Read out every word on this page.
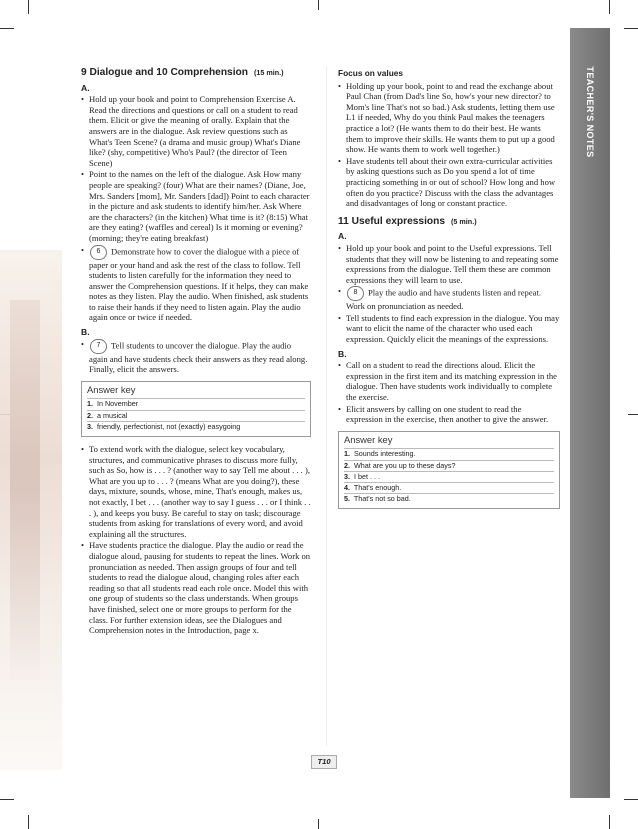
TEACHER'S NOTES
9 Dialogue and 10 Comprehension (15 min.)
A.

• Hold up your book and point to Comprehension Exercise A. Read the directions and questions or call on a student to read them. Elicit or give the meaning of orally. Explain that the answers are in the dialogue. Ask review questions such as What's Teen Scene? (a drama and music group) What's Diane like? (shy, competitive) Who's Paul? (the director of Teen Scene)

• Point to the names on the left of the dialogue. Ask How many people are speaking? (four) What are their names? (Diane, Joe, Mrs. Sanders [mom], Mr. Sanders [dad]) Point to each character in the picture and ask students to identify him/her. Ask Where are the characters? (in the kitchen) What time is it? (8:15) What are they eating? (waffles and cereal) Is it morning or evening? (morning; they're eating breakfast)

• 6 Demonstrate how to cover the dialogue with a piece of paper or your hand and ask the rest of the class to follow. Tell students to listen carefully for the information they need to answer the Comprehension questions. If it helps, they can make notes as they listen. Play the audio. When finished, ask students to raise their hands if they need to listen again. Play the audio again once or twice if needed.

B.

• 7 Tell students to uncover the dialogue. Play the audio again and have students check their answers as they read along. Finally, elicit the answers.

Answer key

1. In November

2. a musical

3. friendly, perfectionist, not (exactly) easygoing

• To extend work with the dialogue, select key vocabulary, structures, and communicative phrases to discuss more fully, such as So, how is . . . ? (another way to say Tell me about . . . ), What are you up to . . . ? (means What are you doing?), these days, mixture, sounds, whose, mine, That's enough, makes us, not exactly, I bet . . . (another way to say I guess . . . or I think . . . ), and keeps you busy. Be careful to stay on task; discourage students from asking for translations of every word, and avoid explaining all the structures.

• Have students practice the dialogue. Play the audio or read the dialogue aloud, pausing for students to repeat the lines. Work on pronunciation as needed. Then assign groups of four and tell students to read the dialogue aloud, changing roles after each reading so that all students read each role once. Model this with one group of students so the class understands. When groups have finished, select one or more groups to perform for the class. For further extension ideas, see the Dialogues and Comprehension notes in the Introduction, page x.

Focus on values

• Holding up your book, point to and read the exchange about Paul Chan (from Dad's line So, how's your new director? to Mom's line That's not so bad.) Ask students, letting them use L1 if needed, Why do you think Paul makes the teenagers practice a lot? (He wants them to do their best. He wants them to improve their skills. He wants them to put up a good show. He wants them to work well together.)

• Have students tell about their own extra-curricular activities by asking questions such as Do you spend a lot of time practicing something in or out of school? How long and how often do you practice? Discuss with the class the advantages and disadvantages of long or constant practice.

11 Useful expressions (5 min.)
A.

• Hold up your book and point to the Useful expressions. Tell students that they will now be listening to and repeating some expressions from the dialogue. Tell them these are common expressions they will learn to use.

• 8 Play the audio and have students listen and repeat. Work on pronunciation as needed.

• Tell students to find each expression in the dialogue. You may want to elicit the name of the character who used each expression. Quickly elicit the meanings of the expressions.

B.

• Call on a student to read the directions aloud. Elicit the expression in the first item and its matching expression in the dialogue. Then have students work individually to complete the exercise.

• Elicit answers by calling on one student to read the expression in the exercise, then another to give the answer.

Answer key

1. Sounds interesting.

2. What are you up to these days?

3. I bet . . .

4. That's enough.

5. That's not so bad.

T10
